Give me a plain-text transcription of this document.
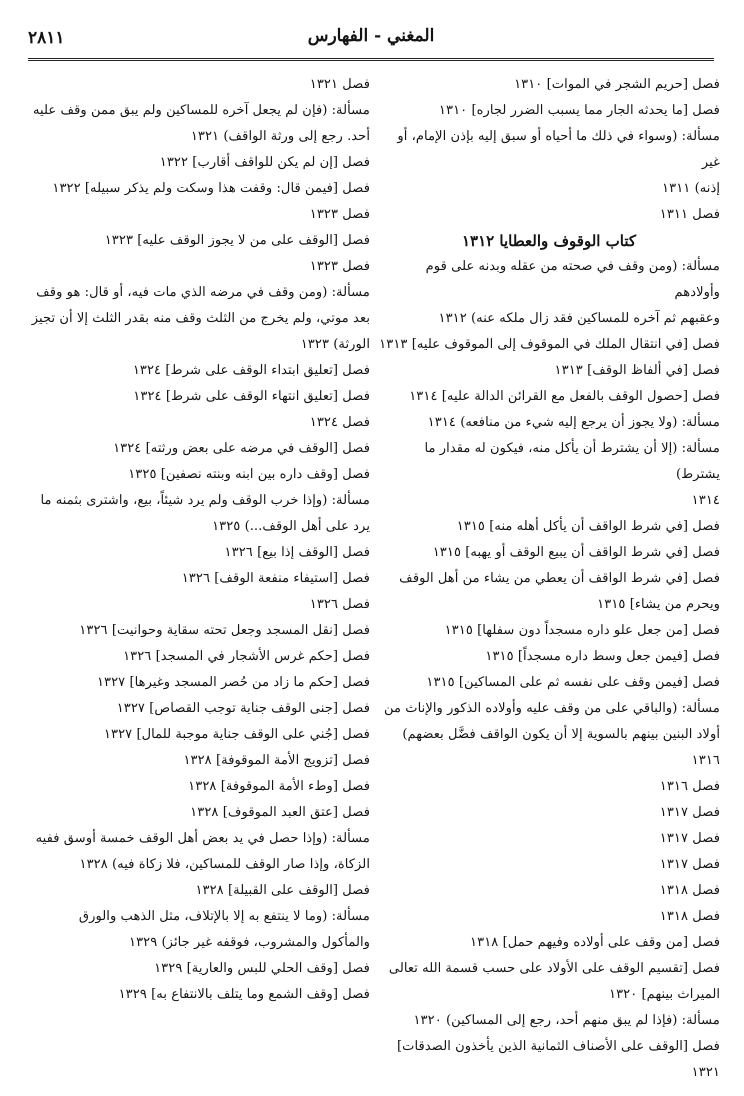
المغني - الفهارس
٢٨١١
فصل [حريم الشجر في الموات] ١٣١٠
فصل [ما يحدثه الجار مما يسبب الضرر لجاره] ١٣١٠
مسألة: (وسواء في ذلك ما أحياه أو سبق إليه بإذن الإمام، أو غير
إذنه) ١٣١١
فصل ١٣١١
كتاب الوقوف والعطايا ١٣١٢
مسألة: (ومن وقف في صحته من عقله وبدنه على قوم وأولادهم
وعقبهم ثم آخره للمساكين فقد زال ملكه عنه) ١٣١٢
فصل [في انتقال الملك في الموقوف إلى الموقوف عليه] ١٣١٣
فصل [في ألفاظ الوقف] ١٣١٣
فصل [حصول الوقف بالفعل مع القرائن الدالة عليه] ١٣١٤
مسألة: (ولا يجوز أن يرجع إليه شيء من منافعه) ١٣١٤
مسألة: (إلا أن يشترط أن يأكل منه، فيكون له مقدار ما يشترط)
١٣١٤
فصل [في شرط الواقف أن يأكل أهله منه] ١٣١٥
فصل [في شرط الواقف أن يبيع الوقف أو يهبه] ١٣١٥
فصل [في شرط الواقف أن يعطي من يشاء من أهل الوقف
ويحرم من يشاء] ١٣١٥
فصل [من جعل علو داره مسجداً دون سفلها] ١٣١٥
فصل [فيمن جعل وسط داره مسجداً] ١٣١٥
فصل [فيمن وقف على نفسه ثم على المساكين] ١٣١٥
مسألة: (والباقي على من وقف عليه وأولاده الذكور والإناث من
أولاد البنين بينهم بالسوية إلا أن يكون الواقف فضَّل بعضهم)
١٣١٦
فصل ١٣١٦
فصل ١٣١٧
فصل ١٣١٧
فصل ١٣١٧
فصل ١٣١٨
فصل ١٣١٨
فصل [من وقف على أولاده وفيهم حمل] ١٣١٨
فصل [تقسيم الوقف على الأولاد على حسب قسمة الله تعالى
الميراث بينهم] ١٣٢٠
مسألة: (فإذا لم يبق منهم أحد، رجع إلى المساكين) ١٣٢٠
فصل [الوقف على الأصناف الثمانية الذين يأخذون الصدقات]
١٣٢١
فصل ١٣٢١
مسألة: (فإن لم يجعل آخره للمساكين ولم يبق ممن وقف عليه
أحد. رجع إلى ورثة الواقف) ١٣٢١
فصل [إن لم يكن للواقف أقارب] ١٣٢٢
فصل [فيمن قال: وقفت هذا وسكت ولم يذكر سبيله] ١٣٢٢
فصل ١٣٢٣
فصل [الوقف على من لا يجوز الوقف عليه] ١٣٢٣
فصل ١٣٢٣
مسألة: (ومن وقف في مرضه الذي مات فيه، أو قال: هو وقف
بعد موتي، ولم يخرج من الثلث وقف منه بقدر الثلث إلا أن تجيز
الورثة) ١٣٢٣
فصل [تعليق ابتداء الوقف على شرط] ١٣٢٤
فصل [تعليق انتهاء الوقف على شرط] ١٣٢٤
فصل ١٣٢٤
فصل [الوقف في مرضه على بعض ورثته] ١٣٢٤
فصل [وقف داره بين ابنه وبنته نصفين] ١٣٢٥
مسألة: (وإذا خرب الوقف ولم يرد شيئاً، بيع، واشترى بثمنه ما
يرد على أهل الوقف...) ١٣٢٥
فصل [الوقف إذا بيع] ١٣٢٦
فصل [استيفاء منفعة الوقف] ١٣٢٦
فصل ١٣٢٦
فصل [نقل المسجد وجعل تحته سقاية وحوانيت] ١٣٢٦
فصل [حكم غرس الأشجار في المسجد] ١٣٢٦
فصل [حكم ما زاد من حُصر المسجد وغيرها] ١٣٢٧
فصل [جنى الوقف جناية توجب القصاص] ١٣٢٧
فصل [جُني على الوقف جناية موجبة للمال] ١٣٢٧
فصل [تزويج الأمة الموقوفة] ١٣٢٨
فصل [وطء الأمة الموقوفة] ١٣٢٨
فصل [عتق العبد الموقوف] ١٣٢٨
مسألة: (وإذا حصل في يد بعض أهل الوقف خمسة أوسق ففيه
الزكاة، وإذا صار الوقف للمساكين، فلا زكاة فيه) ١٣٢٨
فصل [الوقف على القبيلة] ١٣٢٨
مسألة: (وما لا ينتفع به إلا بالإتلاف، مثل الذهب والورق
والمأكول والمشروب، فوقفه غير جائز) ١٣٢٩
فصل [وقف الحلي للبس والعارية] ١٣٢٩
فصل [وقف الشمع وما يتلف بالانتفاع به] ١٣٢٩
